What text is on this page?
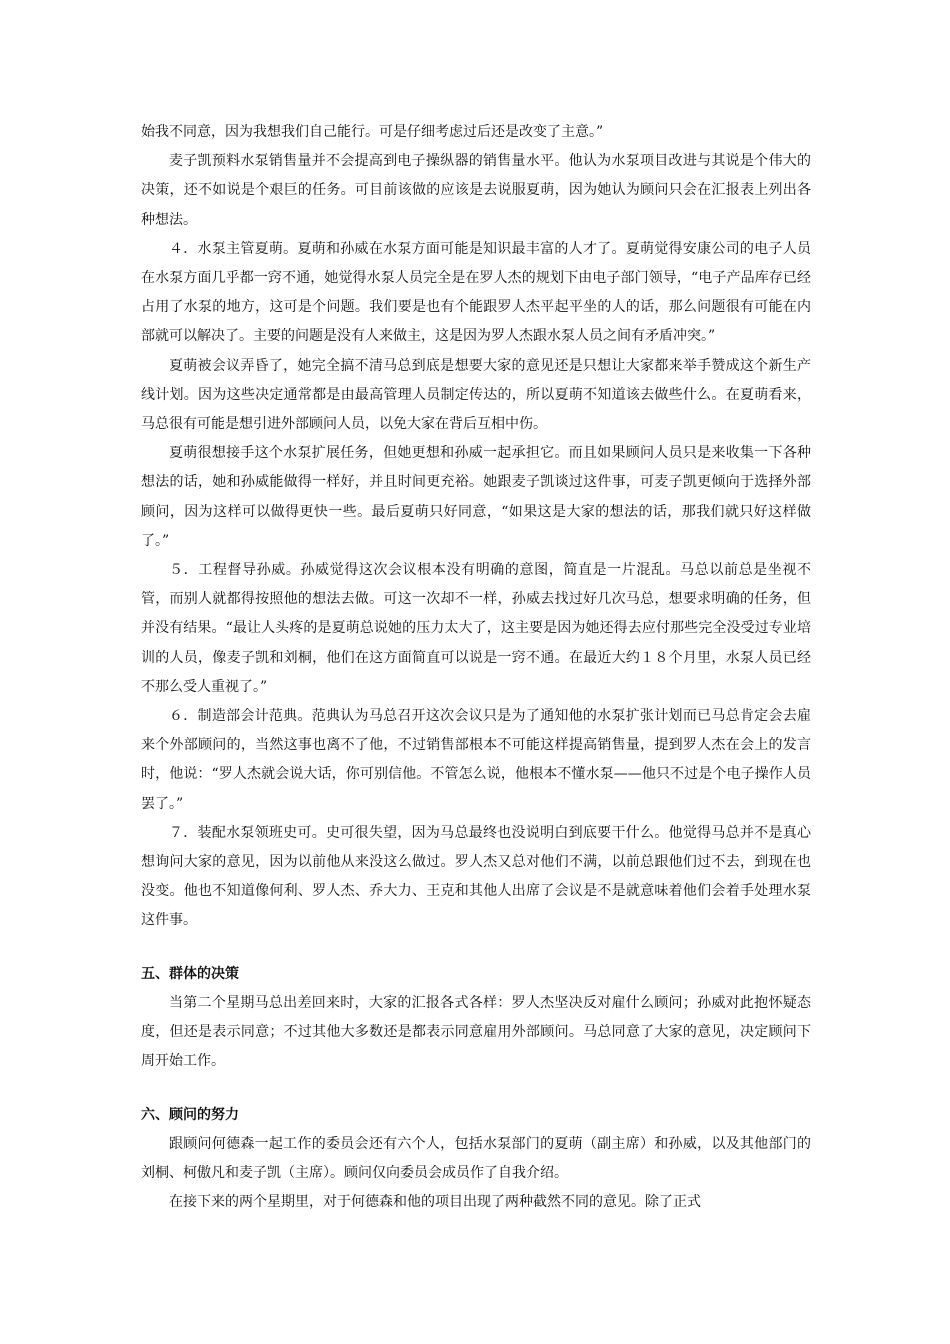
始我不同意，因为我想我们自己能行。可是仔细考虑过后还是改变了主意。”

麦子凯预料水泵销售量并不会提高到电子操纵器的销售量水平。他认为水泵项目改进与其说是个伟大的决策，还不如说是个艰巨的任务。可目前该做的应该是去说服夏萌，因为她认为顾问只会在汇报表上列出各种想法。

４．水泵主管夏萌。夏萌和孙威在水泵方面可能是知识最丰富的人才了。夏萌觉得安康公司的电子人员在水泵方面几乎都一窍不通，她觉得水泵人员完全是在罗人杰的规划下由电子部门领导，“电子产品库存已经占用了水泵的地方，这可是个问题。我们要是也有个能跟罗人杰平起平坐的人的话，那么问题很有可能在内部就可以解决了。主要的问题是没有人来做主，这是因为罗人杰跟水泵人员之间有矛盾冲突。”

夏萌被会议弄昏了，她完全搞不清马总到底是想要大家的意见还是只想让大家都来举手赞成这个新生产线计划。因为这些决定通常都是由最高管理人员制定传达的，所以夏萌不知道该去做些什么。在夏萌看来，马总很有可能是想引进外部顾问人员，以免大家在背后互相中伤。

夏萌很想接手这个水泵扩展任务，但她更想和孙威一起承担它。而且如果顾问人员只是来收集一下各种想法的话，她和孙威能做得一样好，并且时间更充裕。她跟麦子凯谈过这件事，可麦子凯更倾向于选择外部顾问，因为这样可以做得更快一些。最后夏萌只好同意，“如果这是大家的想法的话，那我们就只好这样做了。”

５．工程督导孙威。孙威觉得这次会议根本没有明确的意图，简直是一片混乱。马总以前总是坐视不管，而别人就都得按照他的想法去做。可这一次却不一样，孙威去找过好几次马总，想要求明确的任务，但并没有结果。“最让人头疼的是夏萌总说她的压力太大了，这主要是因为她还得去应付那些完全没受过专业培训的人员，像麦子凯和刘桐，他们在这方面简直可以说是一窍不通。在最近大约１８个月里，水泵人员已经不那么受人重视了。”

６．制造部会计范典。范典认为马总召开这次会议只是为了通知他的水泵扩张计划而已马总肯定会去雇来个外部顾问的，当然这事也离不了他，不过销售部根本不可能这样提高销售量，提到罗人杰在会上的发言时，他说：“罗人杰就会说大话，你可别信他。不管怎么说，他根本不懂水泵——他只不过是个电子操作人员罢了。”

７．装配水泵领班史可。史可很失望，因为马总最终也没说明白到底要干什么。他觉得马总并不是真心想询问大家的意见，因为以前他从来没这么做过。罗人杰又总对他们不满，以前总跟他们过不去，到现在也没变。他也不知道像何利、罗人杰、乔大力、王克和其他人出席了会议是不是就意味着他们会着手处理水泵这件事。

五、群体的决策

当第二个星期马总出差回来时，大家的汇报各式各样：罗人杰坚决反对雇什么顾问；孙威对此抱怀疑态度，但还是表示同意；不过其他大多数还是都表示同意雇用外部顾问。马总同意了大家的意见，决定顾问下周开始工作。

六、顾问的努力

跟顾问何德森一起工作的委员会还有六个人，包括水泵部门的夏萌（副主席）和孙威，以及其他部门的刘桐、柯傲凡和麦子凯（主席）。顾问仅向委员会成员作了自我介绍。

在接下来的两个星期里，对于何德森和他的项目出现了两种截然不同的意见。除了正式
